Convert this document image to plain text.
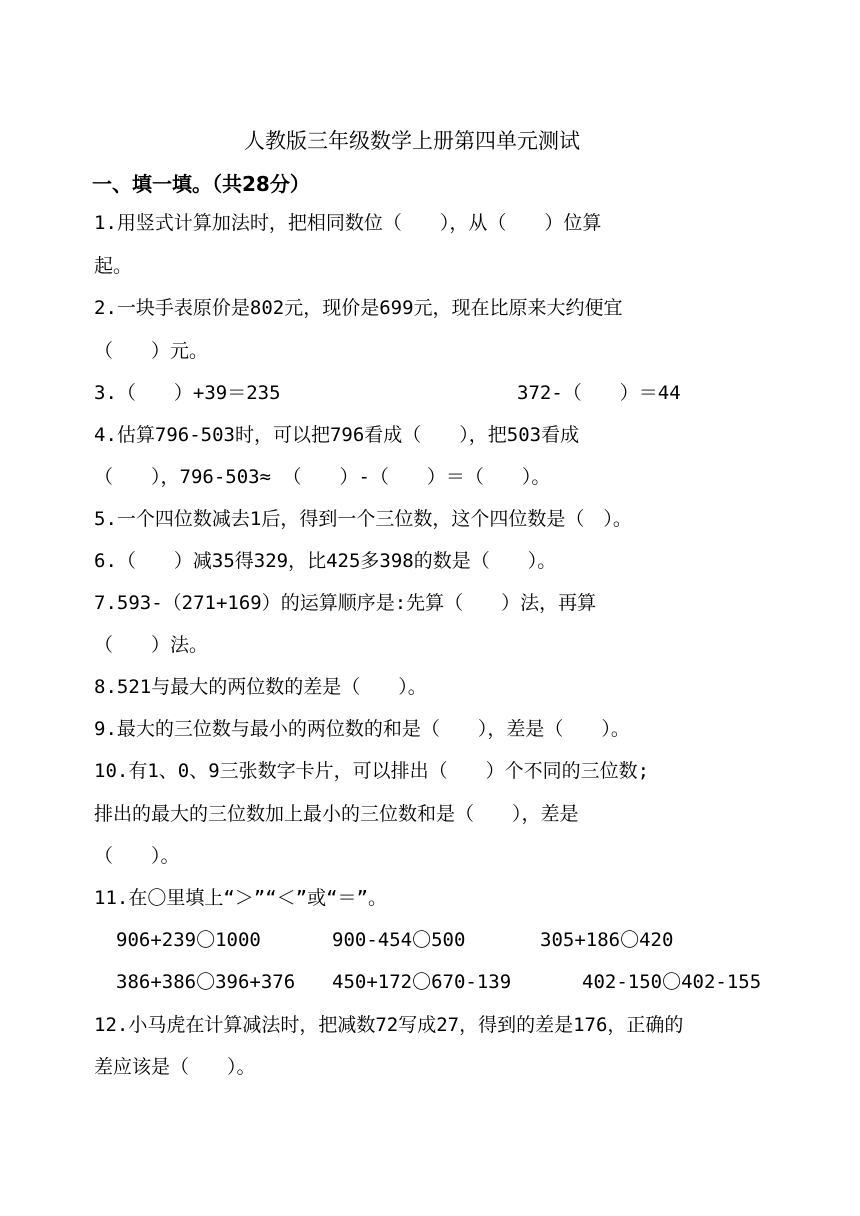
人教版三年级数学上册第四单元测试
一、填一填。（共28分）
1.用竖式计算加法时，把相同数位（　　），从（　　）位算
起。
2.一块手表原价是802元，现价是699元，现在比原来大约便宜
（　　）元。
3.（　　）+39＝235	372-（　　）＝44
4.估算796-503时，可以把796看成（　　），把503看成
（　　），796-503≈ （　　）-（　　）＝（　　）。
5.一个四位数减去1后，得到一个三位数，这个四位数是（　）。
6.（　　）减35得329，比425多398的数是（　　）。
7.593-（271+169）的运算顺序是:先算（　　）法，再算
（　　）法。
8.521与最大的两位数的差是（　　）。
9.最大的三位数与最小的两位数的和是（　　），差是（　　）。
10.有1、0、9三张数字卡片，可以排出（　　）个不同的三位数;
排出的最大的三位数加上最小的三位数和是（　　），差是
（　　）。
11.在〇里填上“＞”“＜”或“＝”。
906+239〇1000	900-454〇500	305+186〇420
386+386〇396+376 450+172〇670-139	402-150〇402-155
12.小马虎在计算减法时，把减数72写成27，得到的差是176，正确的
差应该是（　　）。
